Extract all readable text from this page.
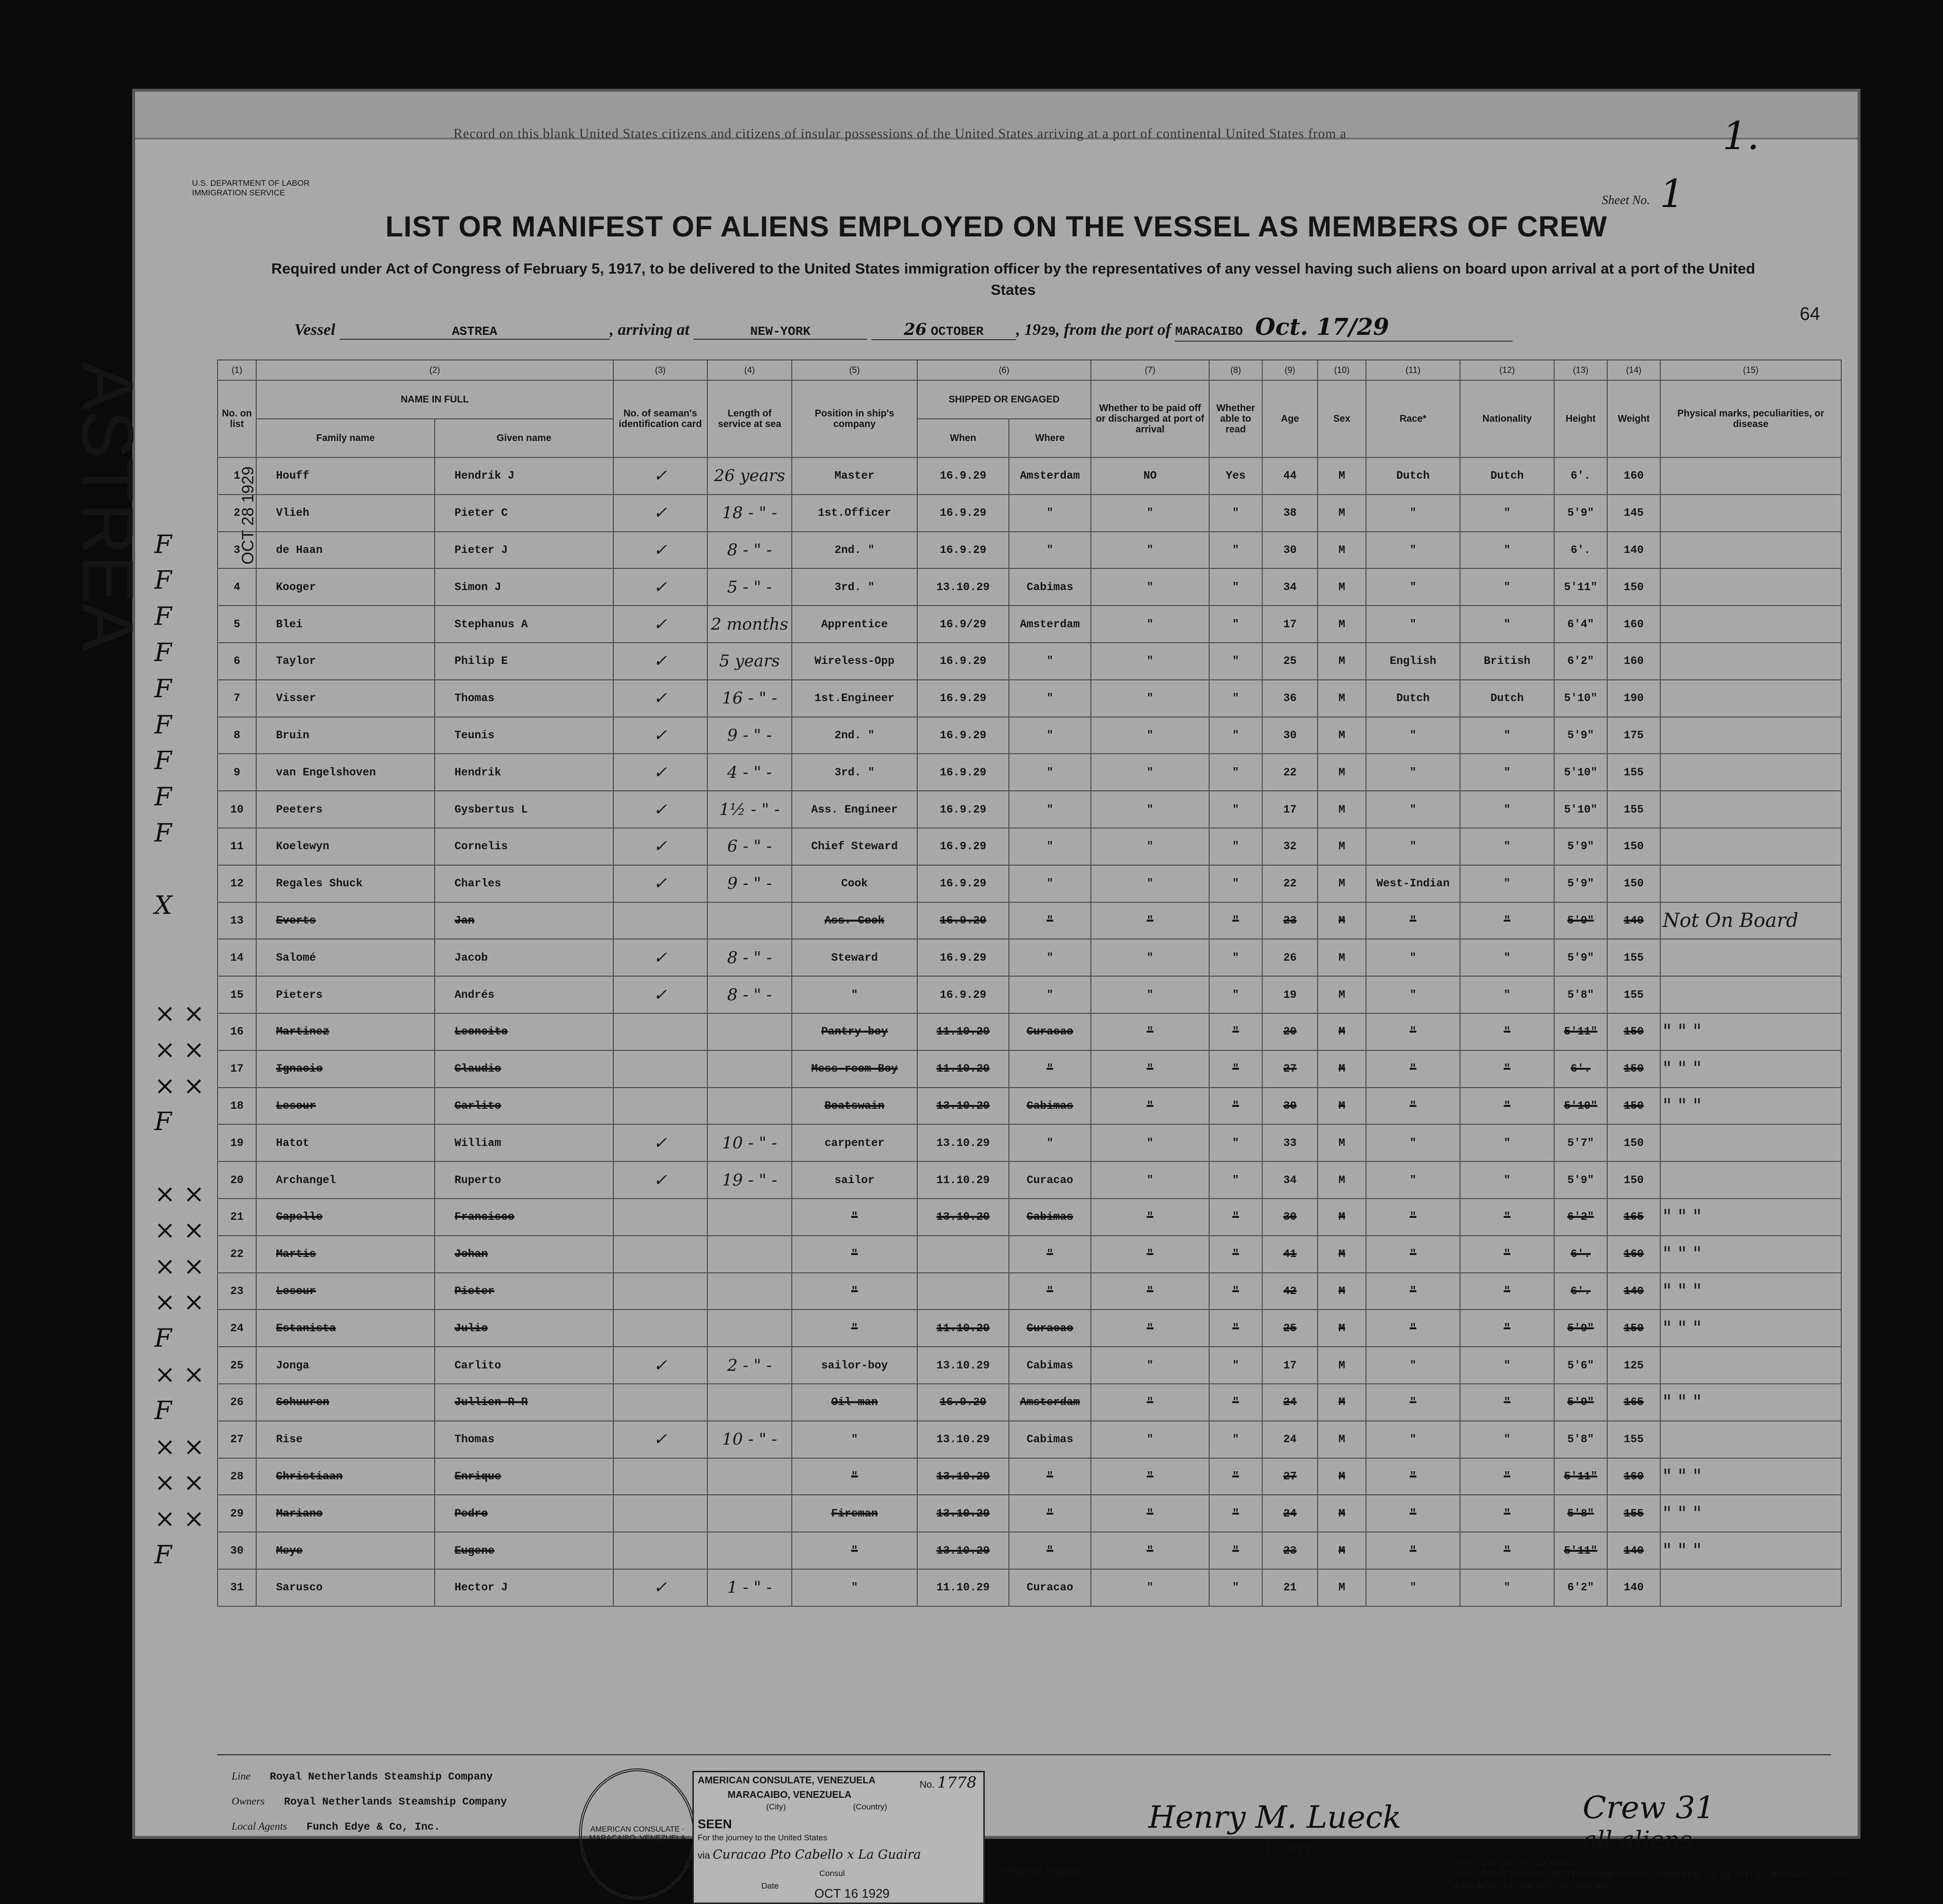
Record on this blank United States citizens and citizens of insular possessions of the United States arriving at a port of continental United States from a	1.
U.S. DEPARTMENT OF LABOR
IMMIGRATION SERVICE
Sheet No. 1
LIST OR MANIFEST OF ALIENS EMPLOYED ON THE VESSEL AS MEMBERS OF CREW
Required under Act of Congress of February 5, 1917, to be delivered to the United States immigration officer by the representatives of any vessel having such aliens on board upon arrival at a port of the United States
64
ASTREA	OCT 28 1929
Vessel	ASTREA	, arriving at	NEW-YORK	26 OCTOBER , 1929, from the port of MARACAIBO Oct. 17/29
(1)	(2)		(3)	(4)	(5)	(6)		(7)	(8)	(9)	(10)	(11)	(12)	(13)	(14)	(15)
No. on list	NAME IN FULL		No. of seaman's identification card	Length of service at sea	Position in ship's company	SHIPPED OR ENGAGED		Whether to be paid off or discharged at port of arrival	Whether able to read	Age	Sex	Race*	Nationality	Height	Weight	Physical marks, peculiarities, or disease
	Family name	Given name				When	Where									
1	Houff	Hendrik J	✓	26 years	Master	16.9.29	Amsterdam	NO	Yes	44	M	Dutch	Dutch	6'.	160	
2	Vlieh	Pieter C	✓	18 - " -	1st.Officer	16.9.29	"	"	"	38	M	"	"	5'9"	145	
3	de Haan	Pieter J	✓	8 - " -	2nd. "	16.9.29	"	"	"	30	M	"	"	6'.	140	
4	Kooger	Simon J	✓	5 - " -	3rd. "	13.10.29	Cabimas	"	"	34	M	"	"	5'11"	150	
5	Blei	Stephanus A	✓	2 months	Apprentice	16.9/29	Amsterdam	"	"	17	M	"	"	6'4"	160	
6	Taylor	Philip E	✓	5 years	Wireless-Opp	16.9.29	"	"	"	25	M	English	British	6'2"	160	
7	Visser	Thomas	✓	16 - " -	1st.Engineer	16.9.29	"	"	"	36	M	Dutch	Dutch	5'10"	190	
8	Bruin	Teunis	✓	9 - " -	2nd. "	16.9.29	"	"	"	30	M	"	"	5'9"	175	
9	van Engelshoven	Hendrik	✓	4 - " -	3rd. "	16.9.29	"	"	"	22	M	"	"	5'10"	155	
10	Peeters	Gysbertus L	✓	1½ - " -	Ass. Engineer	16.9.29	"	"	"	17	M	"	"	5'10"	155	
11	Koelewyn	Cornelis	✓	6 - " -	Chief Steward	16.9.29	"	"	"	32	M	"	"	5'9"	150	
12	Regales Shuck	Charles	✓	9 - " -	Cook	16.9.29	"	"	"	22	M	West-Indian	"	5'9"	150	
13	Everts	Jan			Ass. Cook	16.9.29	"	"	"	23	M	"	"	5'9"	140	Not On Board
14	Salomé	Jacob	✓	8 - " -	Steward	16.9.29	"	"	"	26	M	"	"	5'9"	155	
15	Pieters	Andrés	✓	8 - " -	"	16.9.29	"	"	"	19	M	"	"	5'8"	155	
16	Martinez	Leoncito			Pantry-boy	11.10.29	Curacao	"	"	20	M	"	"	5'11"	150	" " "
17	Ignacio	Claudio			Mess-room Boy	11.10.29	"	"	"	27	M	"	"	6'.	150	" " "
18	Lesour	Carlito			Boatswain	13.10.29	Cabimas	"	"	30	M	"	"	5'10"	150	" " "
19	Hatot	William	✓	10 - " -	carpenter	13.10.29	"	"	"	33	M	"	"	5'7"	150	
20	Archangel	Ruperto	✓	19 - " -	sailor	11.10.29	Curacao	"	"	34	M	"	"	5'9"	150	
21	Capelle	Francisco			"	13.10.29	Cabimas	"	"	30	M	"	"	6'2"	165	" " "
22	Martis	Johan			"		"	"	"	41	M	"	"	6'.	160	" " "
23	Lesour	Pieter			"		"	"	"	42	M	"	"	6'.	140	" " "
24	Estanista	Julio			"	11.10.29	Curacao	"	"	25	M	"	"	5'9"	150	" " "
25	Jonga	Carlito	✓	2 - " -	sailor-boy	13.10.29	Cabimas	"	"	17	M	"	"	5'6"	125	
26	Schuuren	Jullien R R			Oil-man	16.9.29	Amsterdam	"	"	24	M	"	"	5'9"	165	" " "
27	Rise	Thomas	✓	10 - " -	"	13.10.29	Cabimas	"	"	24	M	"	"	5'8"	155	
28	Christiaan	Enrique			"	13.10.29	"	"	"	27	M	"	"	5'11"	160	" " "
29	Mariano	Pedro			Fireman	13.10.29	"	"	"	24	M	"	"	5'8"	155	" " "
30	Meye	Eugene			"	13.10.29	"	"	"	23	M	"	"	5'11"	140	" " "
31	Sarusco	Hector J	✓	1 - " -	"	11.10.29	Curacao	"	"	21	M	"	"	6'2"	140	
Line Royal Netherlands Steamship Company
Owners Royal Netherlands Steamship Company
Local Agents Funch Edye & Co, Inc.	AMERICAN CONSULATE · MARACAIBO, VENEZUELA
AMERICAN CONSULATE, VENEZUELA	No. 1778
MARACAIBO, VENEZUELA
(City)	(Country)
SEEN
For the journey to the United States
via Curacao Pto Cabello x La Guaira
Consul
Date
OCT 16 1929
Henry M. Lueck
Insp.
Immigrant Inspector.
Crew 31
all aliens
* See list of races on back hereof.
Note.—Failure to furnish full or correct information in columns (2), (5), (6), and (7) is punishable by a fine of ten dollars for each alien. See other side.
F
F
F
F
F
F
F
F
F
X
× ×
× ×
× ×
F
× ×
× ×
× ×
× ×
F
× ×
F
× ×
× ×
× ×
F
